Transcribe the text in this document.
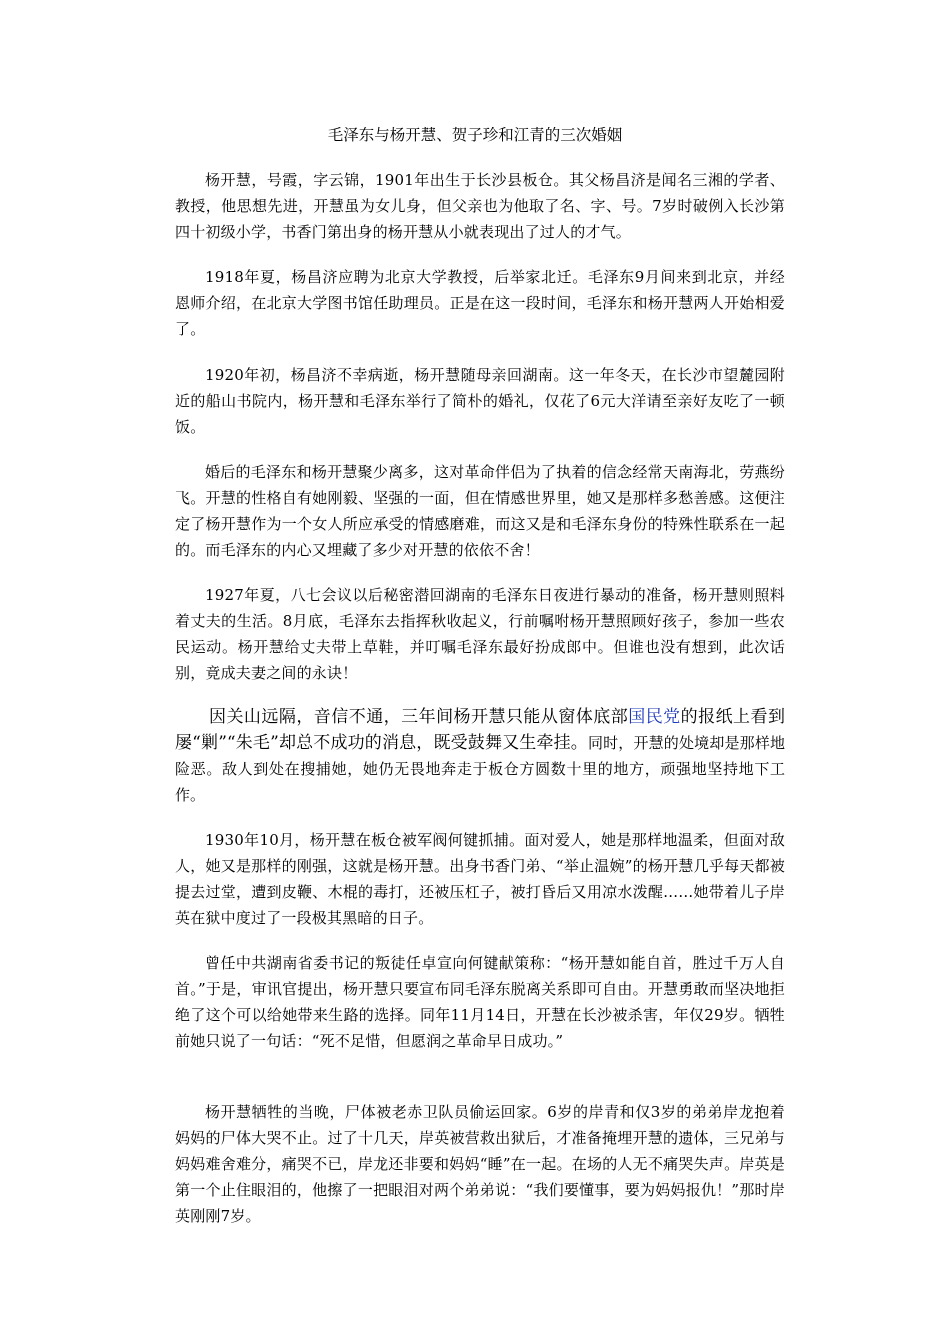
毛泽东与杨开慧、贺子珍和江青的三次婚姻

杨开慧，号霞，字云锦，1901年出生于长沙县板仓。其父杨昌济是闻名三湘的学者、教授，他思想先进，开慧虽为女儿身，但父亲也为他取了名、字、号。7岁时破例入长沙第四十初级小学，书香门第出身的杨开慧从小就表现出了过人的才气。

1918年夏，杨昌济应聘为北京大学教授，后举家北迁。毛泽东9月间来到北京，并经恩师介绍，在北京大学图书馆任助理员。正是在这一段时间，毛泽东和杨开慧两人开始相爱了。

1920年初，杨昌济不幸病逝，杨开慧随母亲回湖南。这一年冬天，在长沙市望麓园附近的船山书院内，杨开慧和毛泽东举行了简朴的婚礼，仅花了6元大洋请至亲好友吃了一顿饭。

婚后的毛泽东和杨开慧聚少离多，这对革命伴侣为了执着的信念经常天南海北，劳燕纷飞。开慧的性格自有她刚毅、坚强的一面，但在情感世界里，她又是那样多愁善感。这便注定了杨开慧作为一个女人所应承受的情感磨难，而这又是和毛泽东身份的特殊性联系在一起的。而毛泽东的内心又埋藏了多少对开慧的依依不舍！

1927年夏，八七会议以后秘密潜回湖南的毛泽东日夜进行暴动的准备，杨开慧则照料着丈夫的生活。8月底，毛泽东去指挥秋收起义，行前嘱咐杨开慧照顾好孩子，参加一些农民运动。杨开慧给丈夫带上草鞋，并叮嘱毛泽东最好扮成郎中。但谁也没有想到，此次话别，竟成夫妻之间的永诀！

因关山远隔，音信不通，三年间杨开慧只能从窗体底部国民党的报纸上看到屡“剿”“朱毛”却总不成功的消息，既受鼓舞又生牵挂。同时，开慧的处境却是那样地险恶。敌人到处在搜捕她，她仍无畏地奔走于板仓方圆数十里的地方，顽强地坚持地下工作。

1930年10月，杨开慧在板仓被军阀何键抓捕。面对爱人，她是那样地温柔，但面对敌人，她又是那样的刚强，这就是杨开慧。出身书香门弟、“举止温婉”的杨开慧几乎每天都被提去过堂，遭到皮鞭、木棍的毒打，还被压杠子，被打昏后又用凉水泼醒……她带着儿子岸英在狱中度过了一段极其黑暗的日子。

曾任中共湖南省委书记的叛徒任卓宣向何键献策称：“杨开慧如能自首，胜过千万人自首。”于是，审讯官提出，杨开慧只要宣布同毛泽东脱离关系即可自由。开慧勇敢而坚决地拒绝了这个可以给她带来生路的选择。同年11月14日，开慧在长沙被杀害，年仅29岁。牺牲前她只说了一句话：“死不足惜，但愿润之革命早日成功。”

杨开慧牺牲的当晚，尸体被老赤卫队员偷运回家。6岁的岸青和仅3岁的弟弟岸龙抱着妈妈的尸体大哭不止。过了十几天，岸英被营救出狱后，才准备掩埋开慧的遗体，三兄弟与妈妈难舍难分，痛哭不已，岸龙还非要和妈妈“睡”在一起。在场的人无不痛哭失声。岸英是第一个止住眼泪的，他擦了一把眼泪对两个弟弟说：“我们要懂事，要为妈妈报仇！”那时岸英刚刚7岁。
